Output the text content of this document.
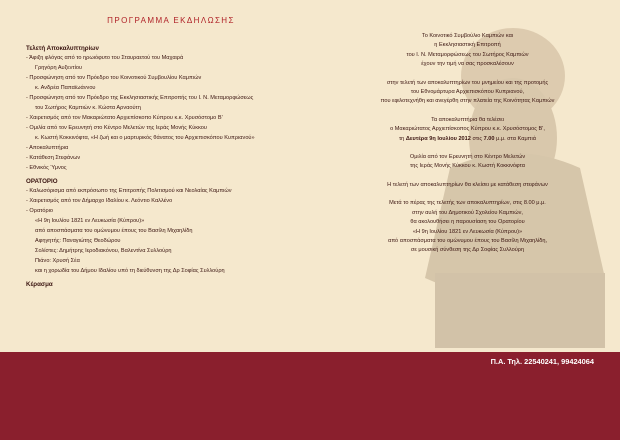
ΠΡΟΓΡΑΜΜΑ ΕΚΔΗΛΩΣΗΣ
Τελετή Αποκαλυπτηρίων
- Άφιξη φλόγας από το ηρωιόφυτο του Σταυραετού του Μαχαιρά
Γρηγόρη Αυξεντίου
- Προσφώνηση από τον Πρόεδρο του Κοινοτικού Συμβουλίου Καμπιών
κ. Ανδρέα Παπαϊωάννου
- Προσφώνηση από τον Πρόεδρο της Εκκλησιαστικής Επιτροπής του Ι. Ν. Μεταμορφώσεως
του Σωτήρος Καμπιών κ. Κώστα Αρναούτη
- Χαιρετισμός από τον Μακαριώτατο Αρχιεπίσκοπο Κύπρου κ.κ. Χρυσόστομο Β'
- Ομιλία από τον Ερευνητή στο Κέντρο Μελετών της Ιεράς Μονής Κύκκου
κ. Κωστή Κοκκινόφτα, «Η ζωή και ο μαρτυρικός θάνατος του Αρχιεπισκόπου Κυπριανού»
- Αποκαλυπτήρια
- Κατάθεση Στεφάνων
- Εθνικός Ύμνος
ΟΡΑΤΟΡΙΟ
- Καλωσόρισμα από εκπρόσωπο της Επιτροπής Πολιτισμού και Νεολαίας Καμπιών
- Χαιρετισμός από τον Δήμαρχο Ιδαλίου κ. Λεόντιο Καλλένο
- Ορατόριο
«Η 9η Ιουλίου 1821 εν Λευκωσία (Κύπρου)»
από αποσπάσματα του ομώνυμου έπους του Βασίλη Μιχαηλίδη
Αφηγητής: Παναγιώτης Θεοδώρου
Σολίστες: Δημήτρης Ιεροδιακόνου, Βαλεντίνα Συλλούρη
Πιάνο: Χρυσή Σέα
και η χορωδία του Δήμου Ιδαλίου υπό τη διεύθυνση της Δρ Σοφίας Συλλούρη
Κέρασμα

Το Κοινοτικό Συμβούλιο Καμπιών και
η Εκκλησιαστική Επιτροπή
του Ι. Ν. Μεταμορφώσεως του Σωτήρος Καμπιών
έχουν την τιμή να σας προσκαλέσουν

στην τελετή των αποκαλυπτηρίων του μνημείου και της προτομής
του Εθνομάρτυρα Αρχιεπισκόπου Κυπριανού,
που εφιλοτεχνήθη και ανεγέρθη στην πλατεία της Κοινότητας Καμπιών

Τα αποκαλυπτήρια θα τελέσει
ο Μακαριώτατος Αρχιεπίσκοπος Κύπρου κ.κ. Χρυσόστομος Β',
τη Δευτέρα 9η Ιουλίου 2012 στις 7.00 μ.μ. στα Καμπιά

Ομιλία από τον Ερευνητή στο Κέντρο Μελετών
της Ιεράς Μονής Κύκκου κ. Κωστή Κοκκινόφτα

Η τελετή των αποκαλυπτηρίων θα κλείσει με κατάθεση στεφάνων

Μετά το πέρας της τελετής των αποκαλυπτηρίων, στις 8.00 μ.μ.
στην αυλή του Δημοτικού Σχολείου Καμπιών,
θα ακολουθήσει η παρουσίαση του Ορατορίου
«Η 9η Ιουλίου 1821 εν Λευκωσία (Κύπρου)»
από αποσπάσματα του ομώνυμου έπους του Βασίλη Μιχαηλίδη,
σε μουσική σύνθεση της Δρ Σοφίας Συλλούρη

Π.Α. Τηλ. 22540241, 99424064
